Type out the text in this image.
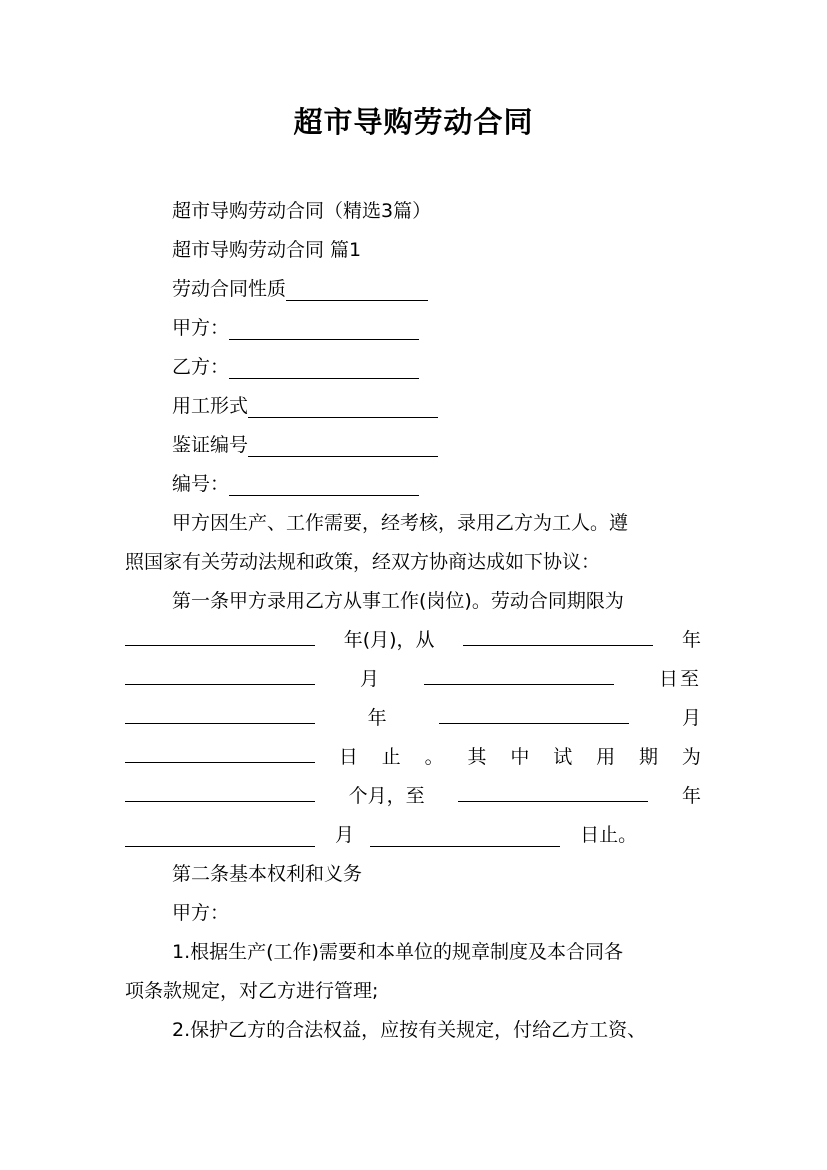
超市导购劳动合同
超市导购劳动合同（精选3篇）
超市导购劳动合同 篇1
劳动合同性质
甲方：
乙方：
用工形式
鉴证编号
编号：
甲方因生产、工作需要，经考核，录用乙方为工人。遵
照国家有关劳动法规和政策，经双方协商达成如下协议：
第一条甲方录用乙方从事工作(岗位)。劳动合同期限为
年(月)，从	年
月	日至
年	月
日 止 。 其 中 试 用 期 为
个月，至	年
月	日止。
第二条基本权利和义务
甲方：
1.根据生产(工作)需要和本单位的规章制度及本合同各
项条款规定，对乙方进行管理;
2.保护乙方的合法权益，应按有关规定，付给乙方工资、
